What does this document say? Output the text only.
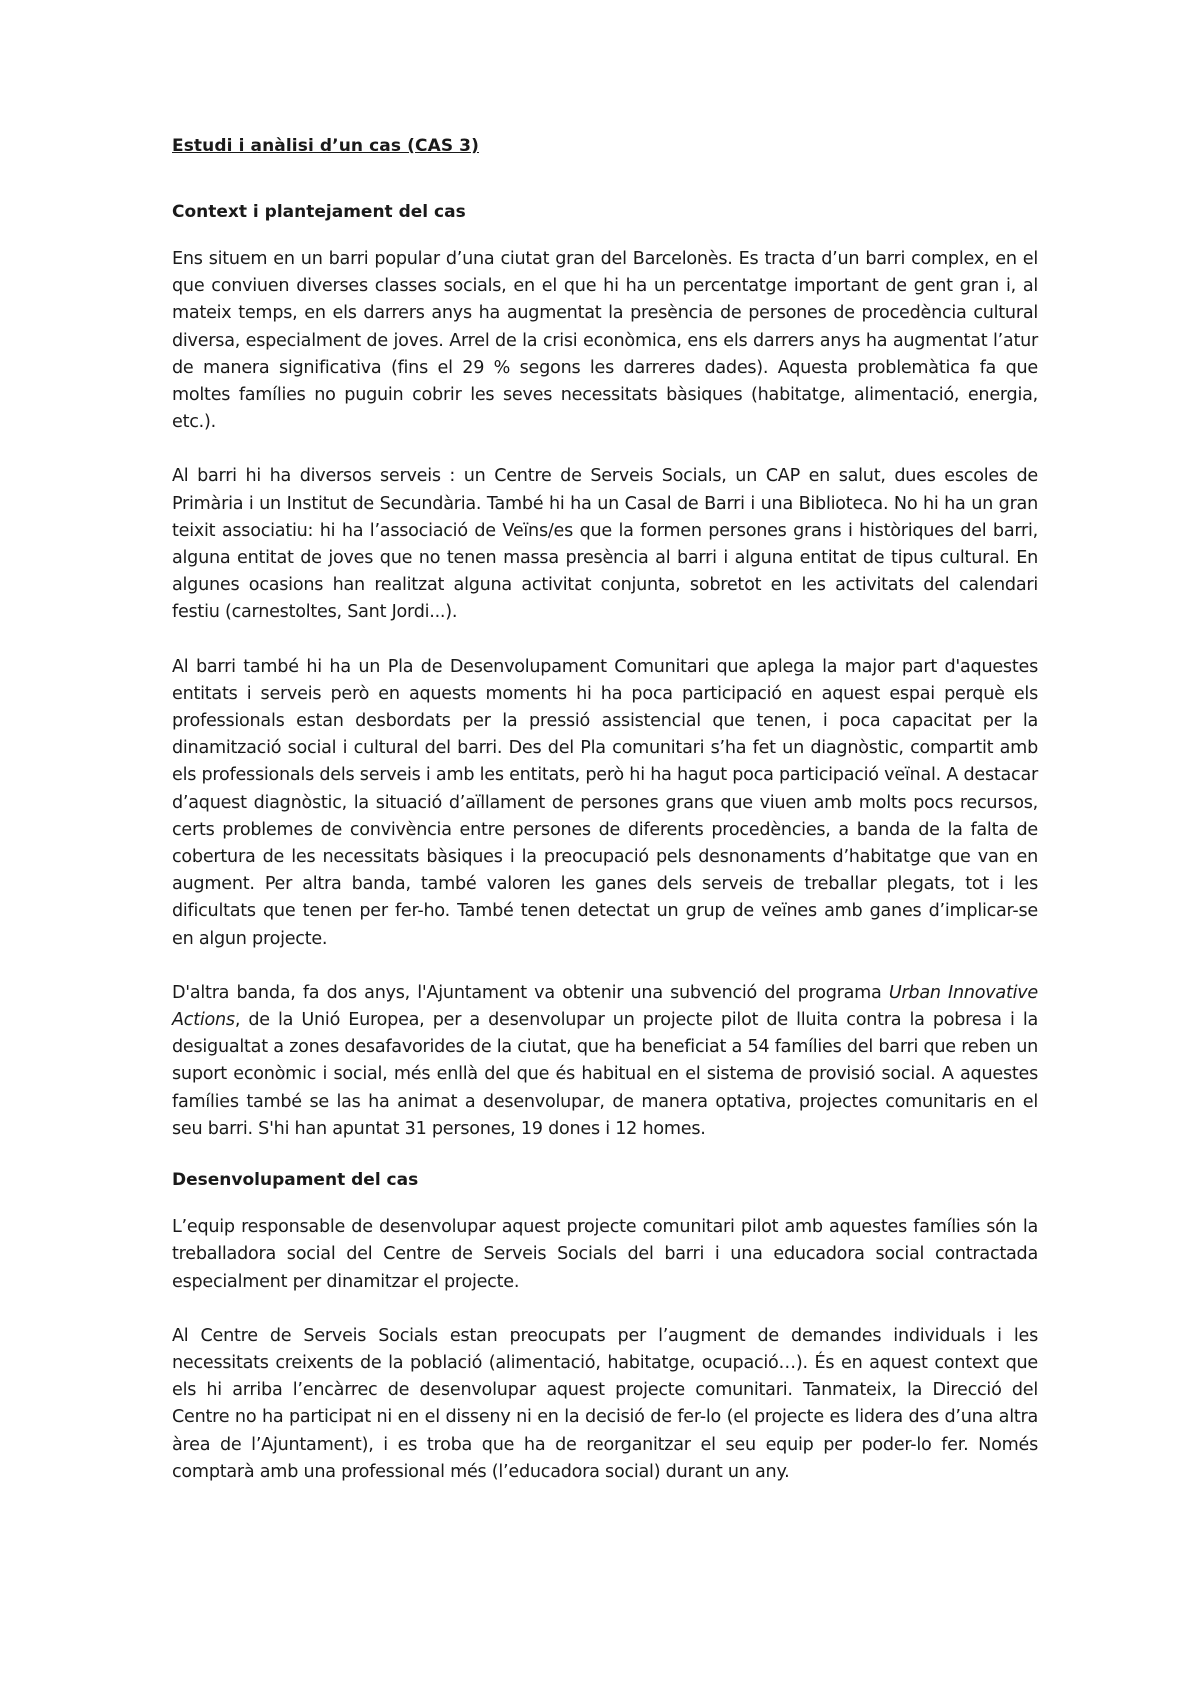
Estudi i anàlisi d’un cas (CAS 3)
Context i plantejament del cas

Ens situem en un barri popular d’una ciutat gran del Barcelonès. Es tracta d’un barri complex, en el que conviuen diverses classes socials, en el que hi ha un percentatge important de gent gran i, al mateix temps, en els darrers anys ha augmentat la presència de persones de procedència cultural diversa, especialment de joves. Arrel de la crisi econòmica, ens els darrers anys ha augmentat l’atur de manera significativa (fins el 29 % segons les darreres dades). Aquesta problemàtica fa que moltes famílies no puguin cobrir les seves necessitats bàsiques (habitatge, alimentació, energia, etc.).

Al barri hi ha diversos serveis : un Centre de Serveis Socials, un CAP en salut, dues escoles de Primària i un Institut de Secundària. També hi ha un Casal de Barri i una Biblioteca. No hi ha un gran teixit associatiu: hi ha l’associació de Veïns/es que la formen persones grans i històriques del barri, alguna entitat de joves que no tenen massa presència al barri i alguna entitat de tipus cultural. En algunes ocasions han realitzat alguna activitat conjunta, sobretot en les activitats del calendari festiu (carnestoltes, Sant Jordi...).

Al barri també hi ha un Pla de Desenvolupament Comunitari que aplega la major part d'aquestes entitats i serveis però en aquests moments hi ha poca participació en aquest espai perquè els professionals estan desbordats per la pressió assistencial que tenen, i poca capacitat per la dinamització social i cultural del barri. Des del Pla comunitari s’ha fet un diagnòstic, compartit amb els professionals dels serveis i amb les entitats, però hi ha hagut poca participació veïnal. A destacar d’aquest diagnòstic, la situació d’aïllament de persones grans que viuen amb molts pocs recursos, certs problemes de convivència entre persones de diferents procedències, a banda de la falta de cobertura de les necessitats bàsiques i la preocupació pels desnonaments d’habitatge que van en augment. Per altra banda, també valoren les ganes dels serveis de treballar plegats, tot i les dificultats que tenen per fer-ho. També tenen detectat un grup de veïnes amb ganes d’implicar-se en algun projecte.

D'altra banda, fa dos anys, l'Ajuntament va obtenir una subvenció del programa Urban Innovative Actions, de la Unió Europea, per a desenvolupar un projecte pilot de lluita contra la pobresa i la desigualtat a zones desafavorides de la ciutat, que ha beneficiat a 54 famílies del barri que reben un suport econòmic i social, més enllà del que és habitual en el sistema de provisió social. A aquestes famílies també se las ha animat a desenvolupar, de manera optativa, projectes comunitaris en el seu barri. S'hi han apuntat 31 persones, 19 dones i 12 homes.

Desenvolupament del cas

L’equip responsable de desenvolupar aquest projecte comunitari pilot amb aquestes famílies són la treballadora social del Centre de Serveis Socials del barri i una educadora social contractada especialment per dinamitzar el projecte.

Al Centre de Serveis Socials estan preocupats per l’augment de demandes individuals i les necessitats creixents de la població (alimentació, habitatge, ocupació…). És en aquest context que els hi arriba l’encàrrec de desenvolupar aquest projecte comunitari. Tanmateix, la Direcció del Centre no ha participat ni en el disseny ni en la decisió de fer-lo (el projecte es lidera des d’una altra àrea de l’Ajuntament), i es troba que ha de reorganitzar el seu equip per poder-lo fer. Només comptarà amb una professional més (l’educadora social) durant un any.
